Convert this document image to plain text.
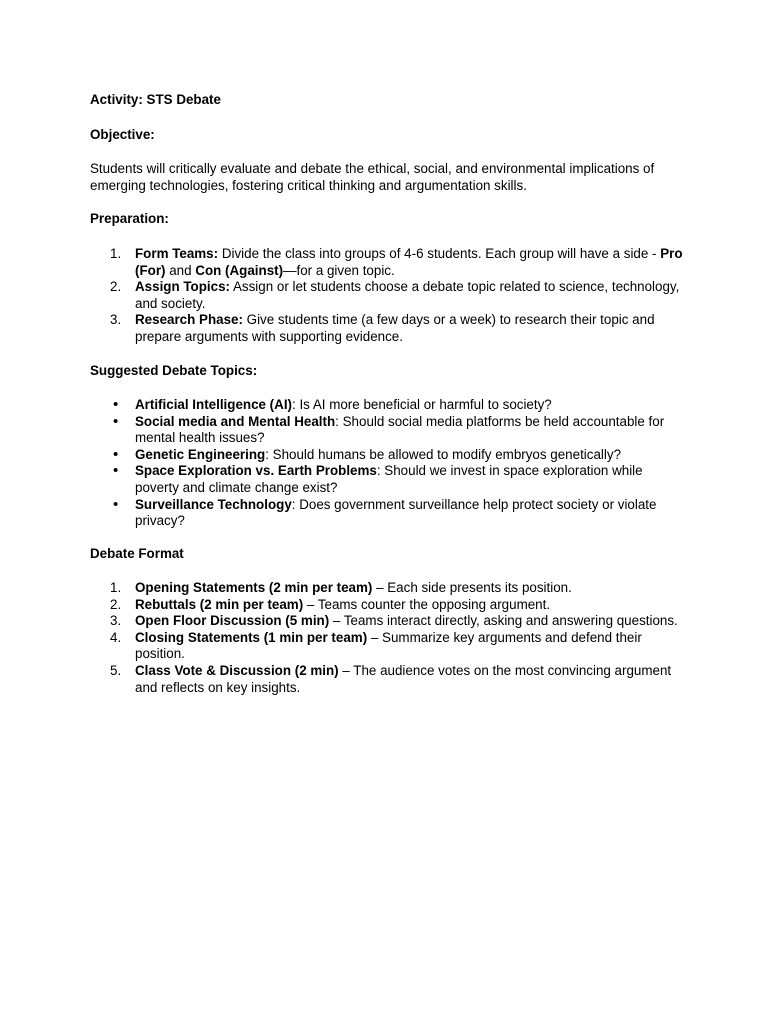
Activity: STS Debate

Objective:

Students will critically evaluate and debate the ethical, social, and environmental implications of emerging technologies, fostering critical thinking and argumentation skills.

Preparation:

1. Form Teams: Divide the class into groups of 4-6 students. Each group will have a side - Pro (For) and Con (Against)—for a given topic.
2. Assign Topics: Assign or let students choose a debate topic related to science, technology, and society.
3. Research Phase: Give students time (a few days or a week) to research their topic and prepare arguments with supporting evidence.

Suggested Debate Topics:

• Artificial Intelligence (AI): Is AI more beneficial or harmful to society?
• Social media and Mental Health: Should social media platforms be held accountable for mental health issues?
• Genetic Engineering: Should humans be allowed to modify embryos genetically?
• Space Exploration vs. Earth Problems: Should we invest in space exploration while poverty and climate change exist?
• Surveillance Technology: Does government surveillance help protect society or violate privacy?

Debate Format

1. Opening Statements (2 min per team) – Each side presents its position.
2. Rebuttals (2 min per team) – Teams counter the opposing argument.
3. Open Floor Discussion (5 min) – Teams interact directly, asking and answering questions.
4. Closing Statements (1 min per team) – Summarize key arguments and defend their position.
5. Class Vote & Discussion (2 min) – The audience votes on the most convincing argument and reflects on key insights.
